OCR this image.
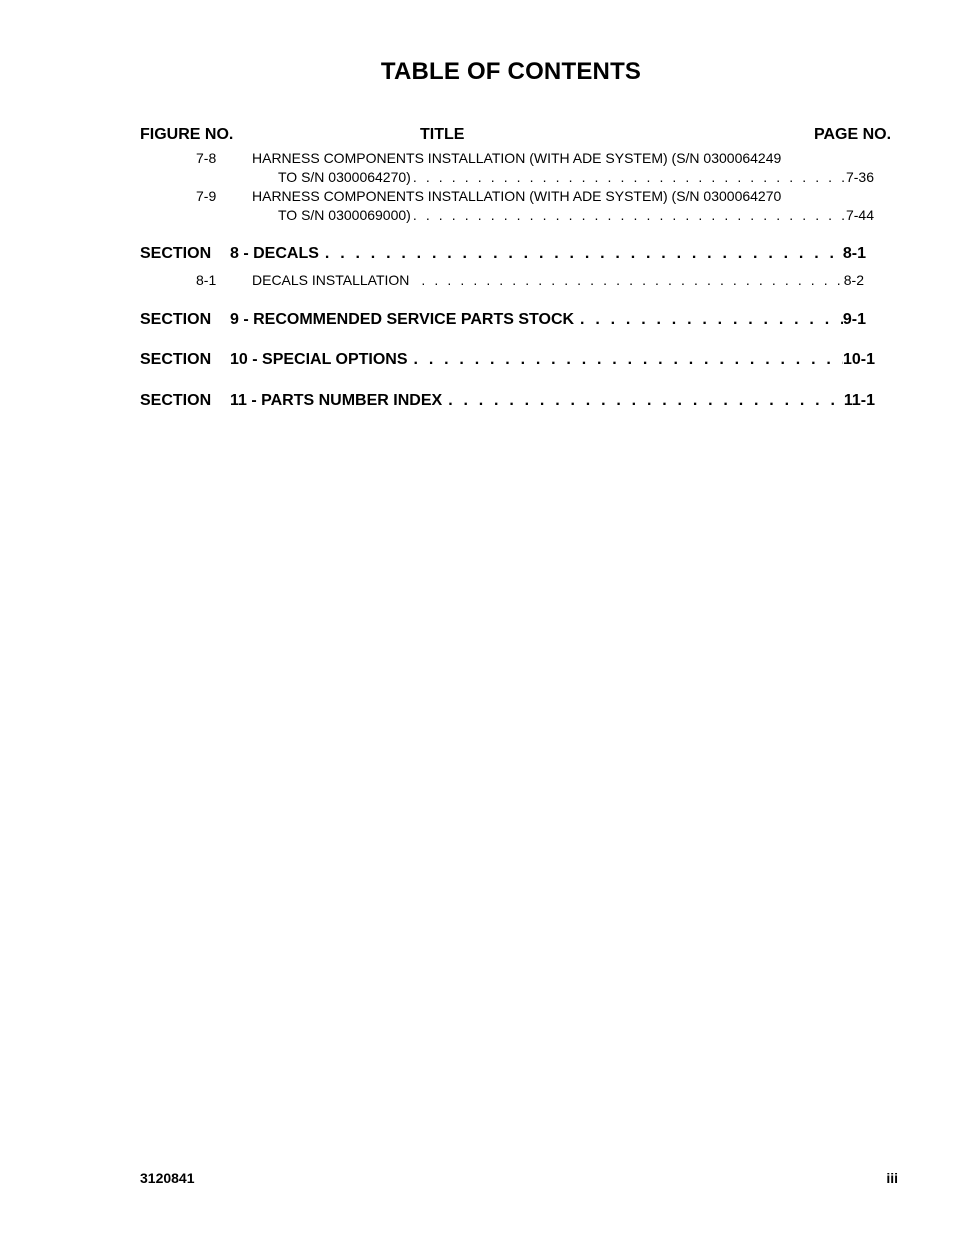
TABLE OF CONTENTS
FIGURE NO.	TITLE	PAGE NO.
7-8	HARNESS COMPONENTS INSTALLATION (WITH ADE SYSTEM) (S/N 0300064249
TO S/N 0300064270) . . .	7-36
7-9	HARNESS COMPONENTS INSTALLATION (WITH ADE SYSTEM) (S/N 0300064270
TO S/N 0300069000) . . .	7-44
SECTION	8 - DECALS . . .	8-1
8-1	DECALS INSTALLATION . . .	8-2
SECTION	9 - RECOMMENDED SERVICE PARTS STOCK . . .	9-1
SECTION	10 - SPECIAL OPTIONS . . .	10-1
SECTION	11 - PARTS NUMBER INDEX . . .	11-1
3120841	iii
